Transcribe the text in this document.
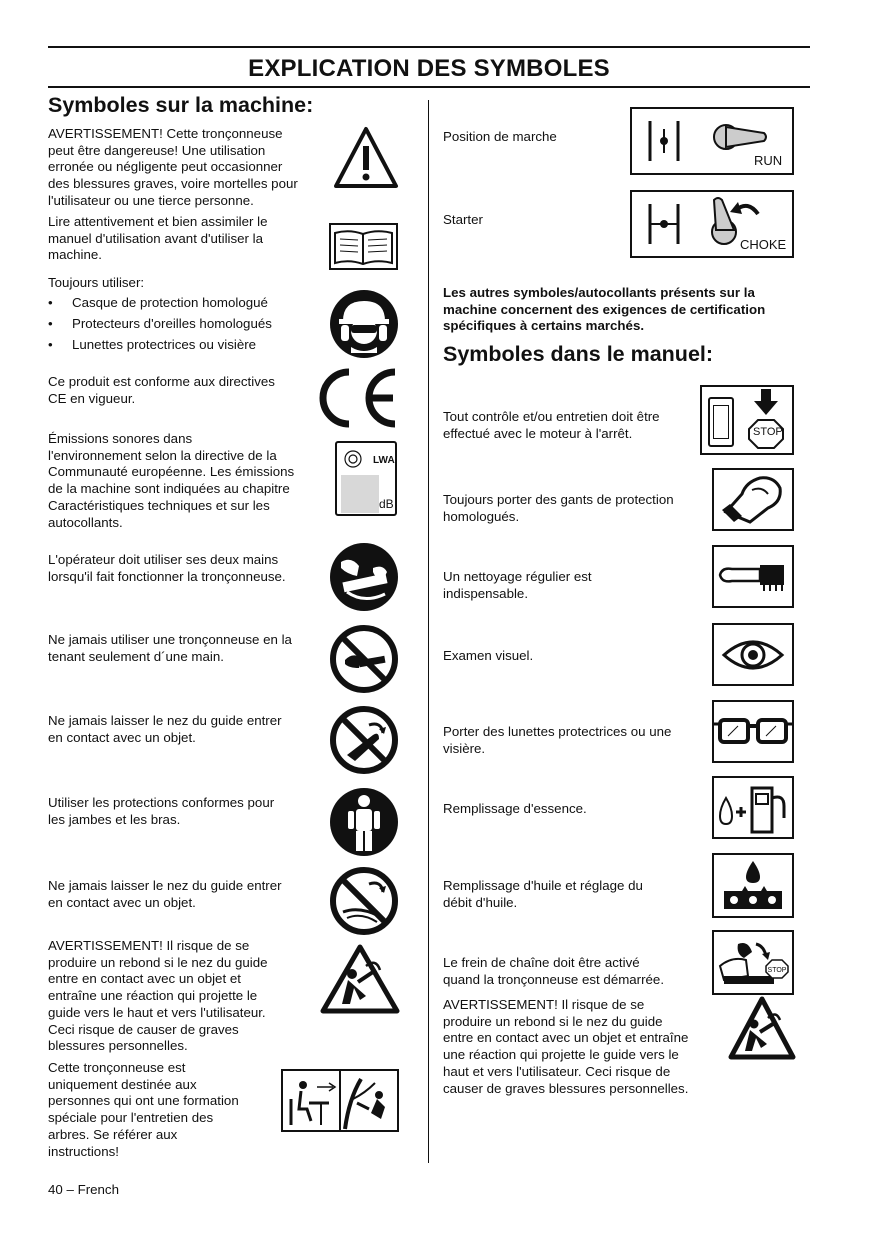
EXPLICATION DES SYMBOLES
Symboles sur la machine:
AVERTISSEMENT! Cette tronçonneuse
peut être dangereuse! Une utilisation
erronée ou négligente peut occasionner
des blessures graves, voire mortelles pour
l'utilisateur ou une tierce personne.
Lire attentivement et bien assimiler le
manuel d'utilisation avant d'utiliser la
machine.
Toujours utiliser:
• Casque de protection homologué
• Protecteurs d'oreilles homologués
• Lunettes protectrices ou visière
Ce produit est conforme aux directives
CE en vigueur.
Émissions sonores dans
l'environnement selon la directive de la
Communauté européenne. Les émissions
de la machine sont indiquées au chapitre
Caractéristiques techniques et sur les
autocollants.
LWA
dB
L'opérateur doit utiliser ses deux mains
lorsqu'il fait fonctionner la tronçonneuse.
Ne jamais utiliser une tronçonneuse en la
tenant seulement d´une main.
Ne jamais laisser le nez du guide entrer
en contact avec un objet.
Utiliser les protections conformes pour
les jambes et les bras.
Ne jamais laisser le nez du guide entrer
en contact avec un objet.
AVERTISSEMENT! Il risque de se
produire un rebond si le nez du guide
entre en contact avec un objet et
entraîne une réaction qui projette le
guide vers le haut et vers l'utilisateur.
Ceci risque de causer de graves
blessures personnelles.
Cette tronçonneuse est
uniquement destinée aux
personnes qui ont une formation
spéciale pour l'entretien des
arbres. Se référer aux
instructions!
Position de marche
RUN
Starter
CHOKE
Les autres symboles/autocollants présents sur la
machine concernent des exigences de certification
spécifiques à certains marchés.
Symboles dans le manuel:
Tout contrôle et/ou entretien doit être
effectué avec le moteur à l'arrêt.	STOP
Toujours porter des gants de protection
homologués.
Un nettoyage régulier est
indispensable.
Examen visuel.
Porter des lunettes protectrices ou une
visière.
Remplissage d'essence.
Remplissage d'huile et réglage du
débit d'huile.
Le frein de chaîne doit être activé
quand la tronçonneuse est démarrée.
STOP
AVERTISSEMENT! Il risque de se
produire un rebond si le nez du guide
entre en contact avec un objet et entraîne
une réaction qui projette le guide vers le
haut et vers l'utilisateur. Ceci risque de
causer de graves blessures personnelles.
40 – French
